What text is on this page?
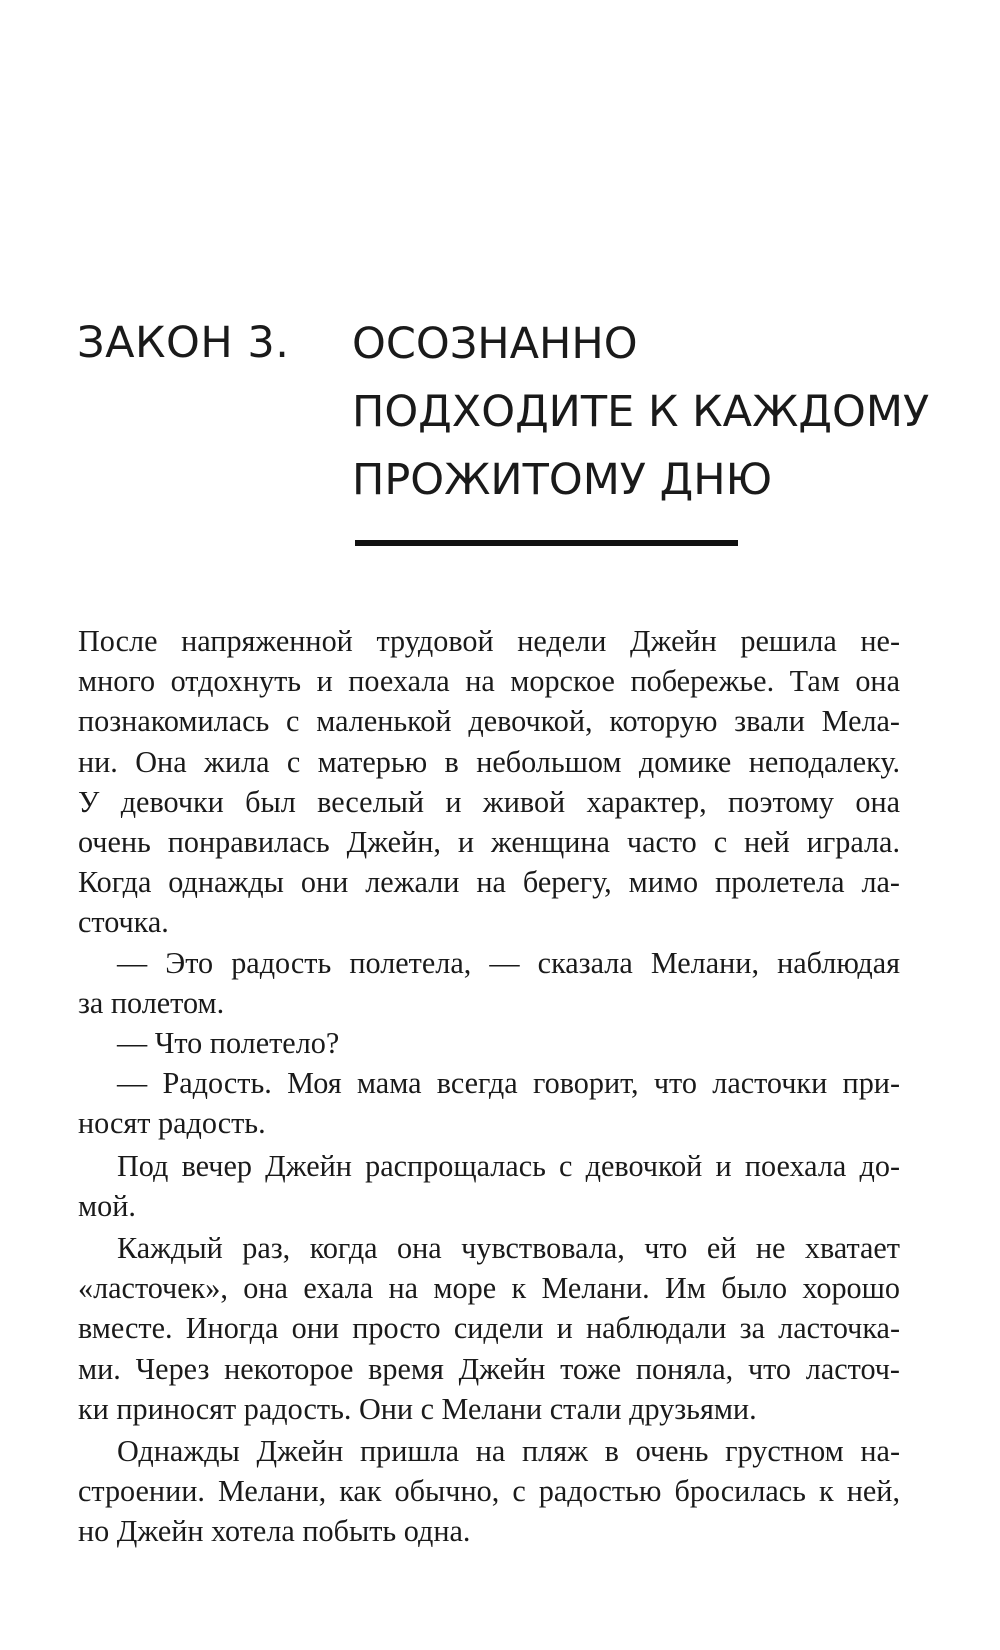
ЗАКОН 3. ОСОЗНАННО
ПОДХОДИТЕ К КАЖДОМУ
ПРОЖИТОМУ ДНЮ

После напряженной трудовой недели Джейн решила не-

много отдохнуть и поехала на морское побережье. Там она

познакомилась с маленькой девочкой, которую звали Мела-

ни. Она жила с матерью в небольшом домике неподалеку.

У девочки был веселый и живой характер, поэтому она

очень понравилась Джейн, и женщина часто с ней играла.

Когда однажды они лежали на берегу, мимо пролетела ла-

сточка.

— Это радость полетела, — сказала Мелани, наблюдая

за полетом.

— Что полетело?

— Радость. Моя мама всегда говорит, что ласточки при-

носят радость.

Под вечер Джейн распрощалась с девочкой и поехала до-

мой.

Каждый раз, когда она чувствовала, что ей не хватает

«ласточек», она ехала на море к Мелани. Им было хорошо

вместе. Иногда они просто сидели и наблюдали за ласточка-

ми. Через некоторое время Джейн тоже поняла, что ласточ-

ки приносят радость. Они с Мелани стали друзьями.

Однажды Джейн пришла на пляж в очень грустном на-

строении. Мелани, как обычно, с радостью бросилась к ней,

но Джейн хотела побыть одна.
